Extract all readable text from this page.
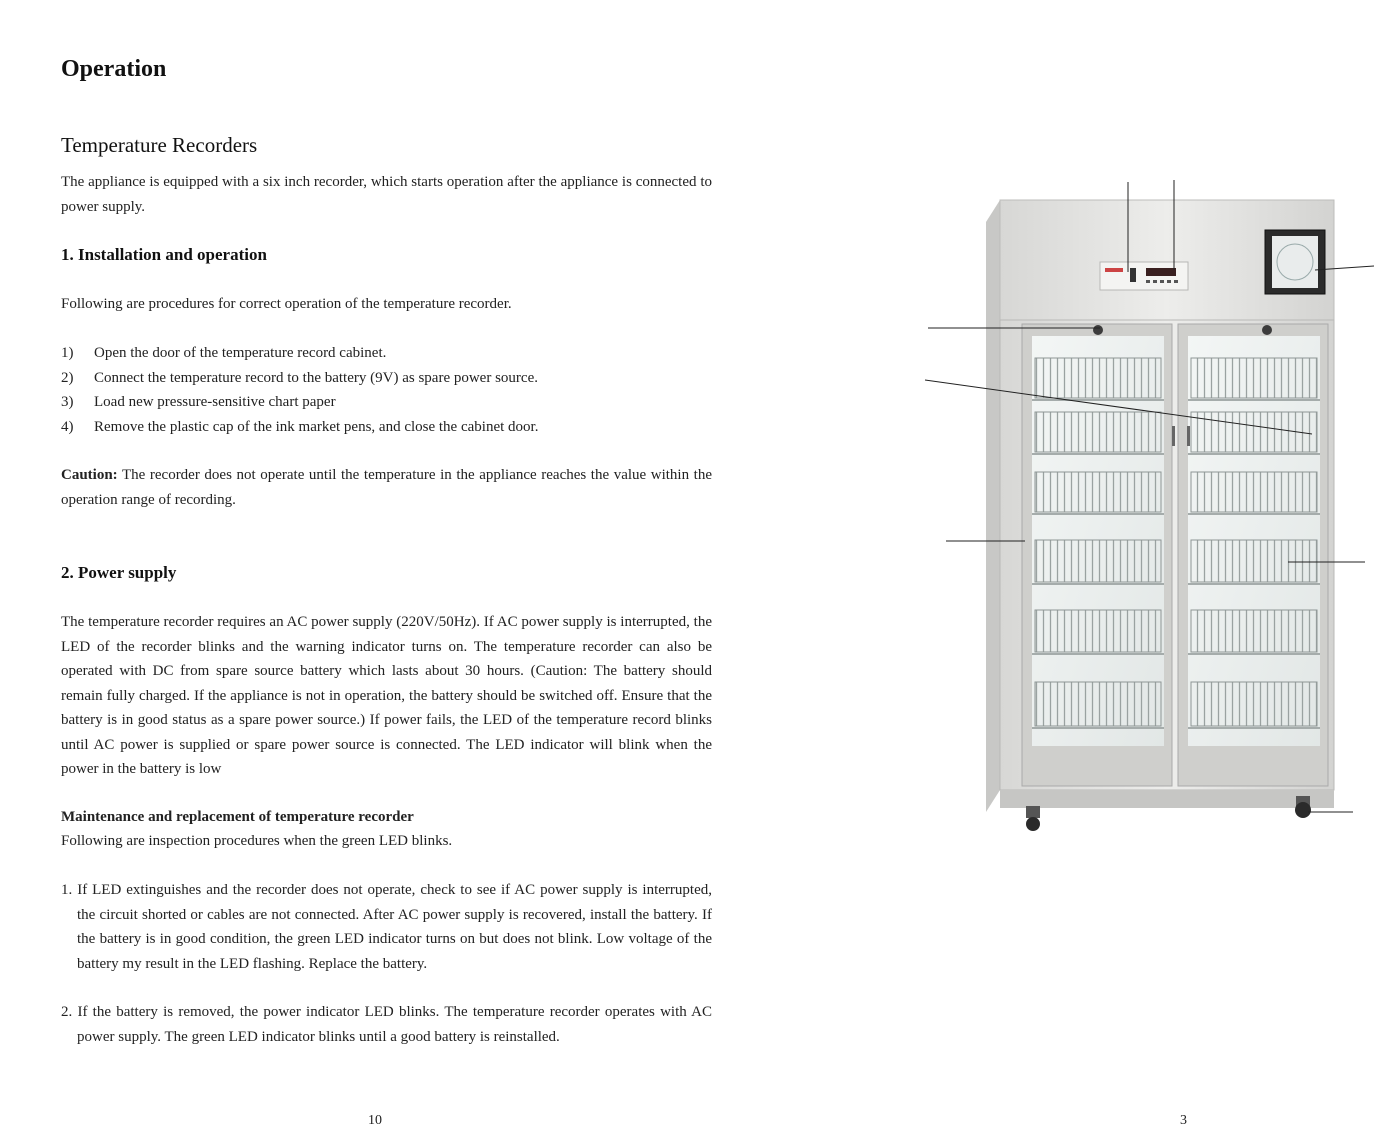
Operation
Temperature Recorders

The appliance is equipped with a six inch recorder, which starts operation after the appliance is connected to power supply.

1. Installation and operation

Following are procedures for correct operation of the temperature recorder.

1)	Open the door of the temperature record cabinet.
2)	Connect the temperature record to the battery (9V) as spare power source.
3)	Load new pressure-sensitive chart paper
4)	Remove the plastic cap of the ink market pens, and close the cabinet door.

Caution: The recorder does not operate until the temperature in the appliance reaches the value within the operation range of recording.

2. Power supply

The temperature recorder requires an AC power supply (220V/50Hz). If AC power supply is interrupted, the LED of the recorder blinks and the warning indicator turns on. The temperature recorder can also be operated with DC from spare source battery which lasts about 30 hours. (Caution: The battery should remain fully charged. If the appliance is not in operation, the battery should be switched off. Ensure that the battery is in good status as a spare power source.) If power fails, the LED of the temperature record blinks until AC power is supplied or spare power source is connected. The LED indicator will blink when the power in the battery is low

Maintenance and replacement of temperature recorder

Following are inspection procedures when the green LED blinks.

1. If LED extinguishes and the recorder does not operate, check to see if AC power supply is interrupted, the circuit shorted or cables are not connected. After AC power supply is recovered, install the battery. If the battery is in good condition, the green LED indicator turns on but does not blink. Low voltage of the battery my result in the LED flashing. Replace the battery.

2. If the battery is removed, the power indicator LED blinks. The temperature recorder operates with AC power supply. The green LED indicator blinks until a good battery is reinstalled.

10	3
